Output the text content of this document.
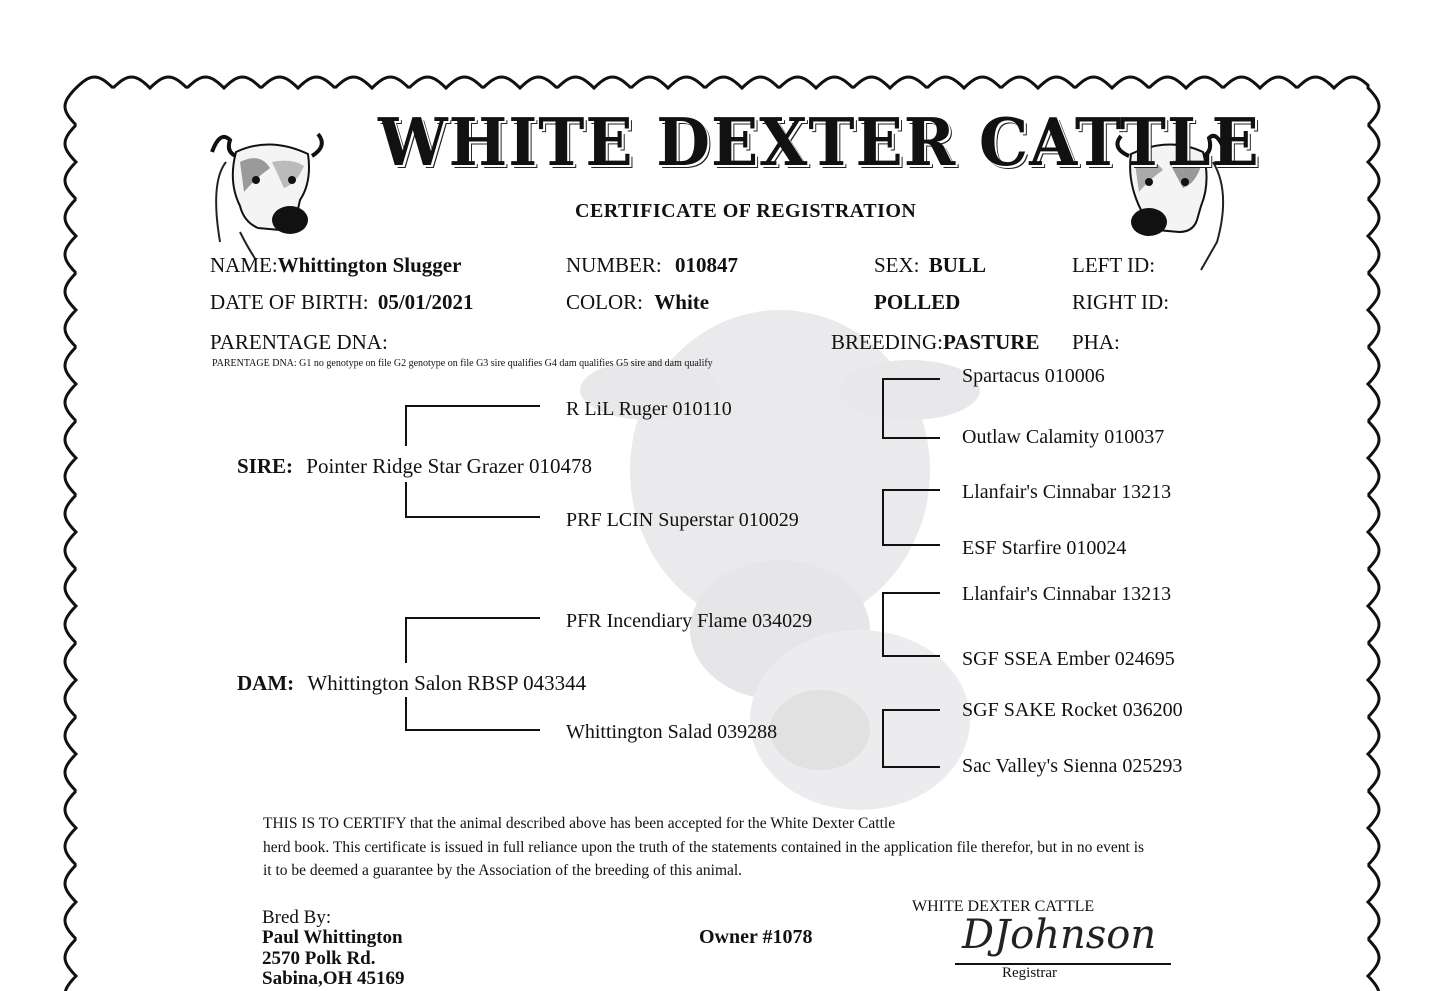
WHITE DEXTER CATTLE
CERTIFICATE OF REGISTRATION
NAME:Whittington Slugger	NUMBER: 010847	SEX: BULL	LEFT ID:
DATE OF BIRTH: 05/01/2021	COLOR: White	POLLED	RIGHT ID:
PARENTAGE DNA:	BREEDING:PASTURE PHA:
PARENTAGE DNA: G1 no genotype on file G2 genotype on file G3 sire qualifies G4 dam qualifies G5 sire and dam qualify
SIRE: Pointer Ridge Star Grazer 010478
R LiL Ruger 010110
PRF LCIN Superstar 010029
DAM: Whittington Salon RBSP 043344
PFR Incendiary Flame 034029
Whittington Salad 039288
Spartacus 010006
Outlaw Calamity 010037
Llanfair's Cinnabar 13213
ESF Starfire 010024
Llanfair's Cinnabar 13213
SGF SSEA Ember 024695
SGF SAKE Rocket 036200
Sac Valley's Sienna 025293
THIS IS TO CERTIFY that the animal described above has been accepted for the White Dexter Cattle
herd book. This certificate is issued in full reliance upon the truth of the statements contained in the application file therefor, but in no event is
it to be deemed a guarantee by the Association of the breeding of this animal.
Bred By:
Paul Whittington
2570 Polk Rd.
Sabina,OH 45169
Owner #1078
WHITE DEXTER CATTLE
DJohnson
Registrar
